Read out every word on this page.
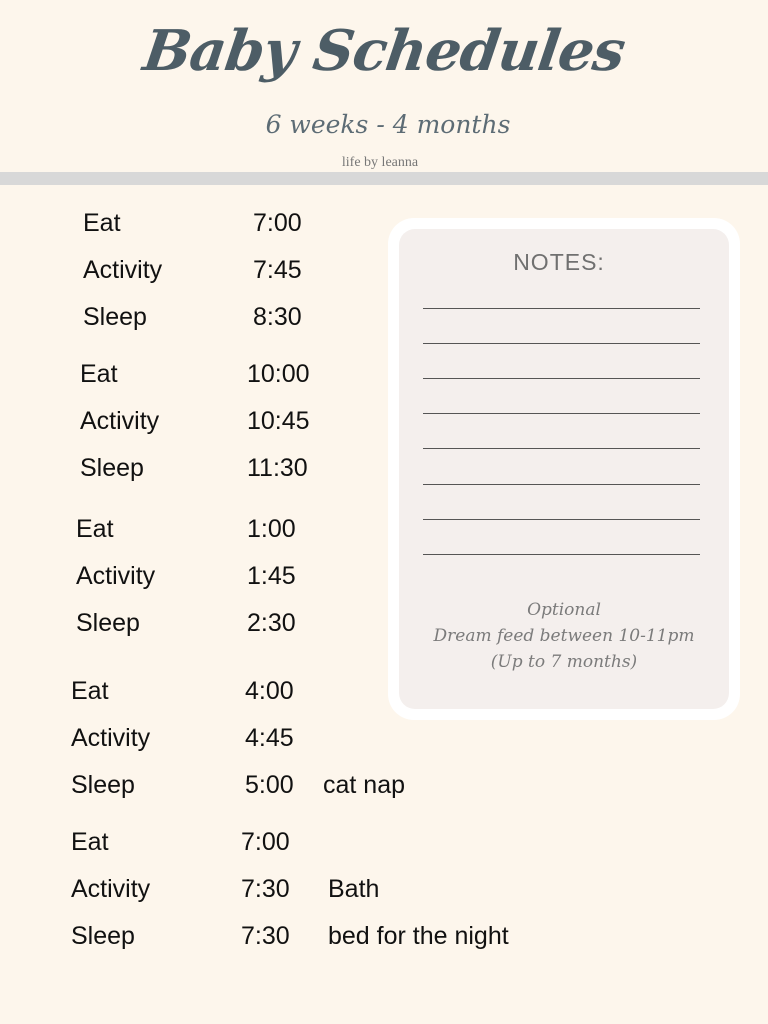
Baby Schedules
6 weeks - 4 months
life by leanna
Eat	7:00
Activity	7:45
Sleep	8:30
Eat	10:00
Activity	10:45
Sleep	11:30
Eat	1:00
Activity	1:45
Sleep	2:30
Eat	4:00
Activity	4:45
Sleep	5:00 cat nap
Eat	7:00
Activity	7:30 Bath
Sleep	7:30 bed for the night
NOTES:
Optional
Dream feed between 10-11pm
(Up to 7 months)
